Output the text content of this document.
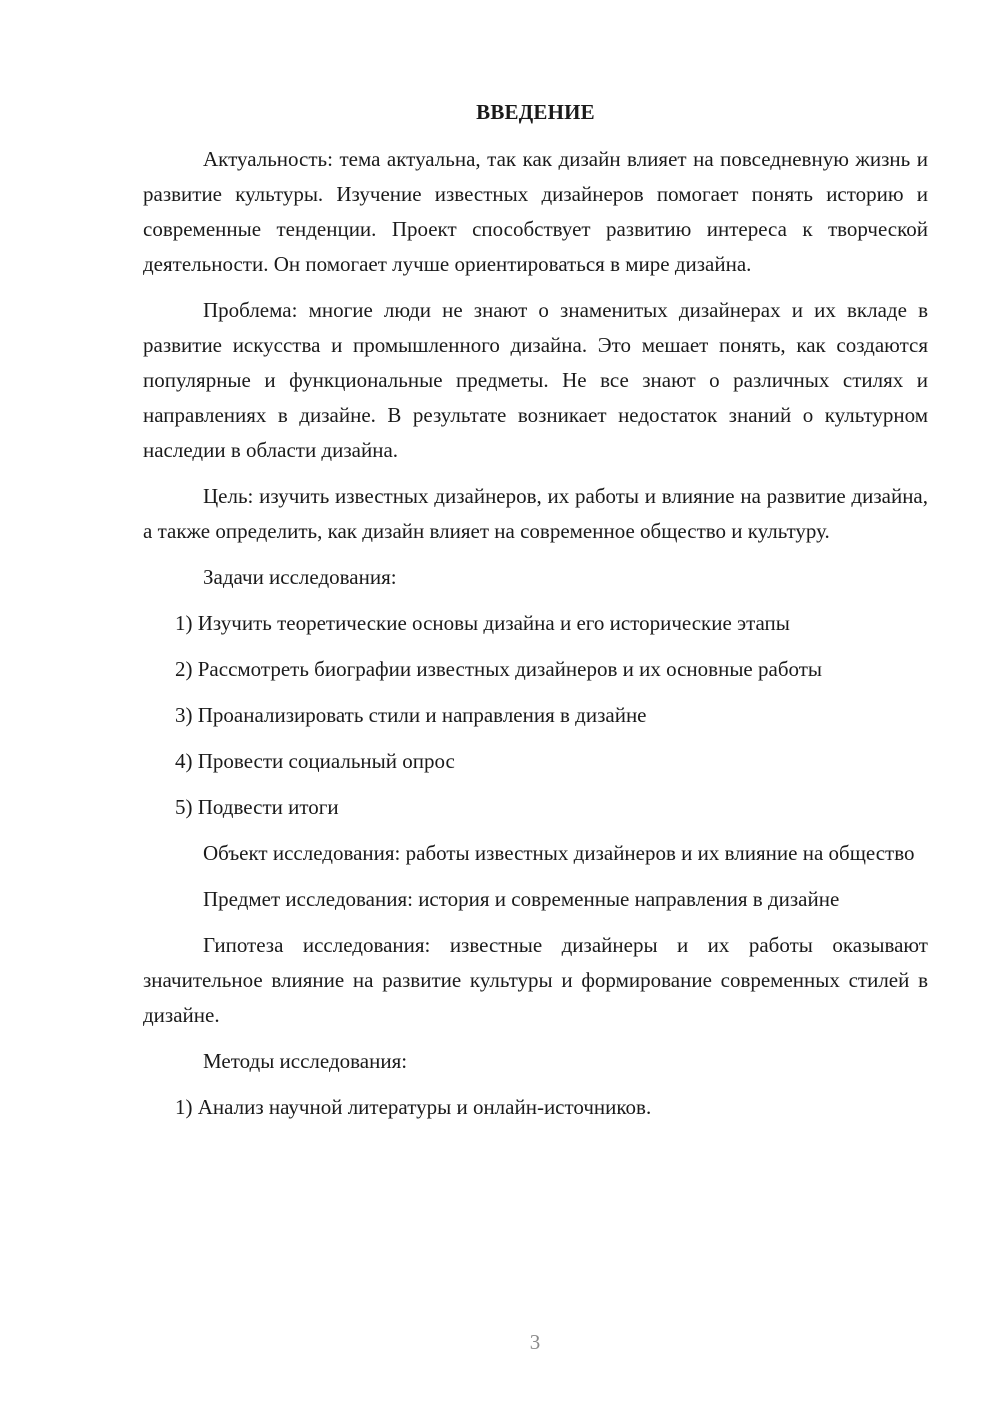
ВВЕДЕНИЕ

Актуальность: тема актуальна, так как дизайн влияет на повседневную жизнь и развитие культуры. Изучение известных дизайнеров помогает понять историю и современные тенденции. Проект способствует развитию интереса к творческой деятельности. Он помогает лучше ориентироваться в мире дизайна.

Проблема: многие люди не знают о знаменитых дизайнерах и их вкладе в развитие искусства и промышленного дизайна. Это мешает понять, как создаются популярные и функциональные предметы. Не все знают о различных стилях и направлениях в дизайне. В результате возникает недостаток знаний о культурном наследии в области дизайна.

Цель: изучить известных дизайнеров, их работы и влияние на развитие дизайна, а также определить, как дизайн влияет на современное общество и культуру.

Задачи исследования:

1) Изучить теоретические основы дизайна и его исторические этапы

2) Рассмотреть биографии известных дизайнеров и их основные работы

3) Проанализировать стили и направления в дизайне

4) Провести социальный опрос

5) Подвести итоги

Объект исследования: работы известных дизайнеров и их влияние на общество

Предмет исследования: история и современные направления в дизайне

Гипотеза исследования: известные дизайнеры и их работы оказывают значительное влияние на развитие культуры и формирование современных стилей в дизайне.

Методы исследования:

1) Анализ научной литературы и онлайн-источников.

3
